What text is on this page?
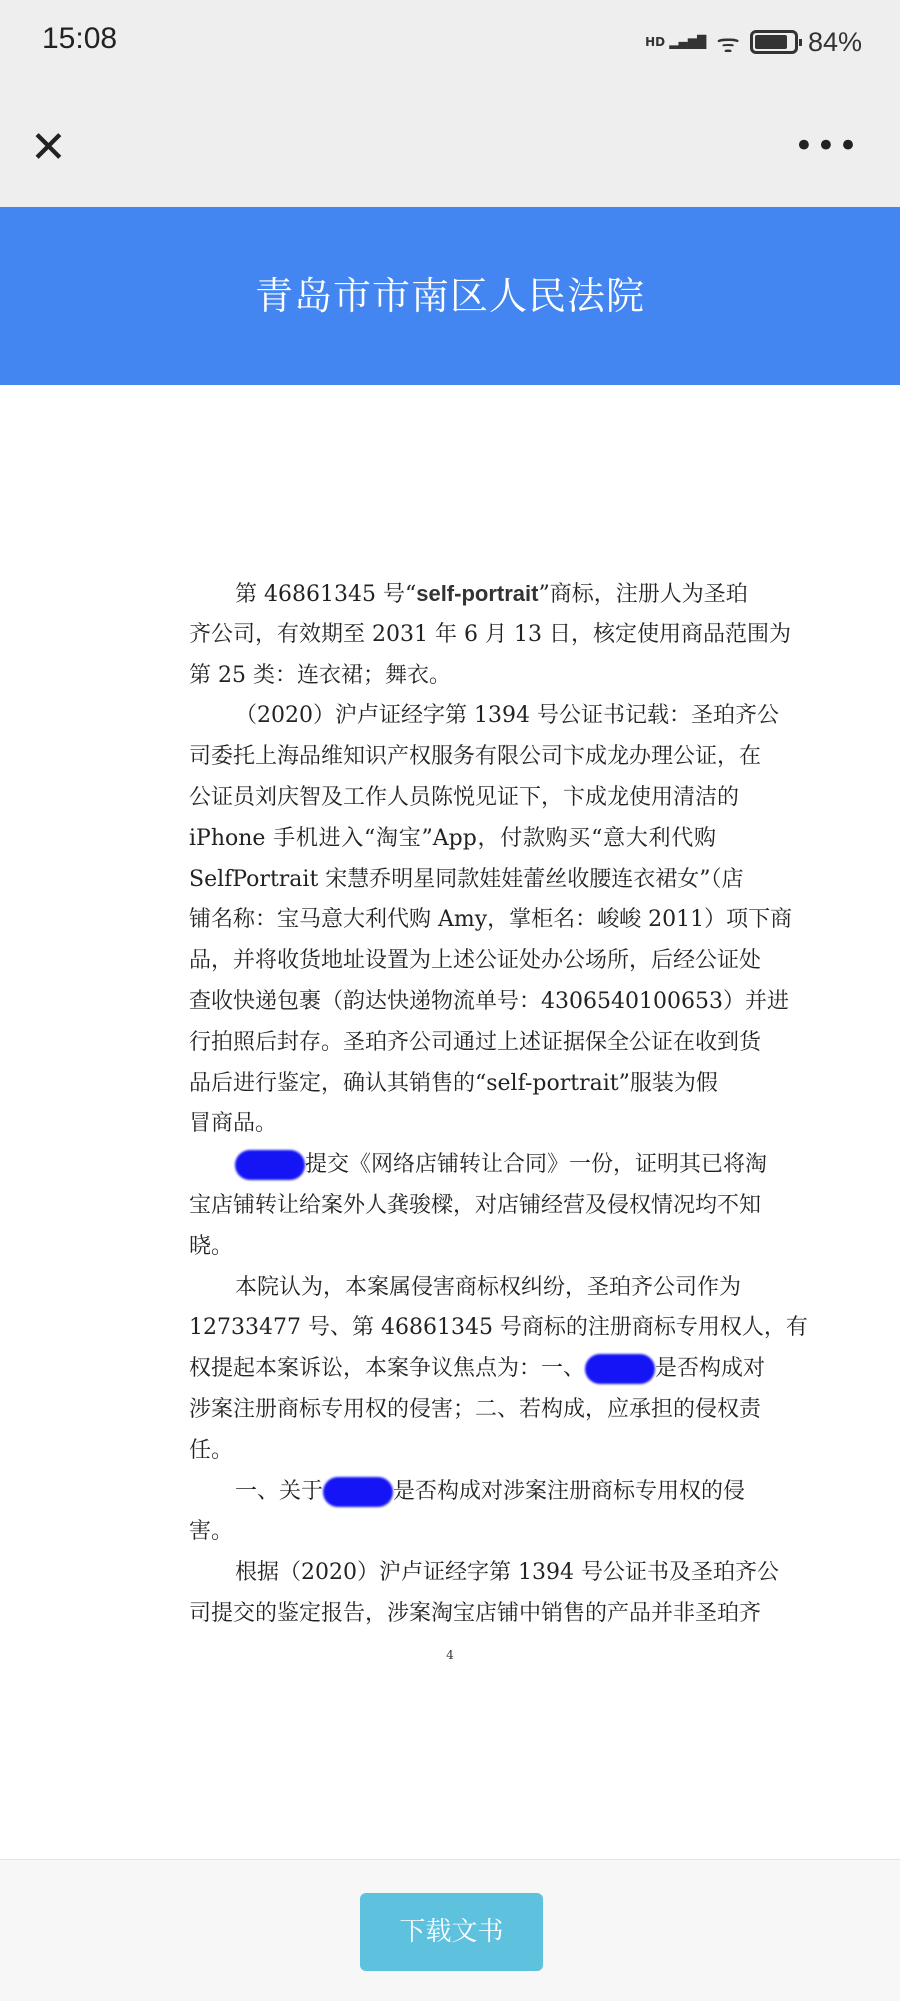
15:08	HD ▂▄▆█ ᯤ	84%
✕	•••
青岛市市南区人民法院
第 46861345 号“self-portrait”商标，注册人为圣珀
齐公司，有效期至 2031 年 6 月 13 日，核定使用商品范围为
第 25 类：连衣裙；舞衣。
（2020）沪卢证经字第 1394 号公证书记载：圣珀齐公
司委托上海品维知识产权服务有限公司卞成龙办理公证，在
公证员刘庆智及工作人员陈悦见证下，卞成龙使用清洁的
iPhone 手机进入“淘宝”App，付款购买“意大利代购
SelfPortrait 宋慧乔明星同款娃娃蕾丝收腰连衣裙女”（店
铺名称：宝马意大利代购 Amy，掌柜名：峻峻 2011）项下商
品，并将收货地址设置为上述公证处办公场所，后经公证处
查收快递包裹（韵达快递物流单号：4306540100653）并进
行拍照后封存。圣珀齐公司通过上述证据保全公证在收到货
品后进行鉴定，确认其销售的“self-portrait”服装为假
冒商品。
提交《网络店铺转让合同》一份，证明其已将淘
宝店铺转让给案外人龚骏樑，对店铺经营及侵权情况均不知
晓。
本院认为，本案属侵害商标权纠纷，圣珀齐公司作为
12733477 号、第 46861345 号商标的注册商标专用权人，有
权提起本案诉讼，本案争议焦点为：一、	是否构成对
涉案注册商标专用权的侵害；二、若构成，应承担的侵权责
任。
一、关于	是否构成对涉案注册商标专用权的侵
害。
根据（2020）沪卢证经字第 1394 号公证书及圣珀齐公
司提交的鉴定报告，涉案淘宝店铺中销售的产品并非圣珀齐
4
下载文书
